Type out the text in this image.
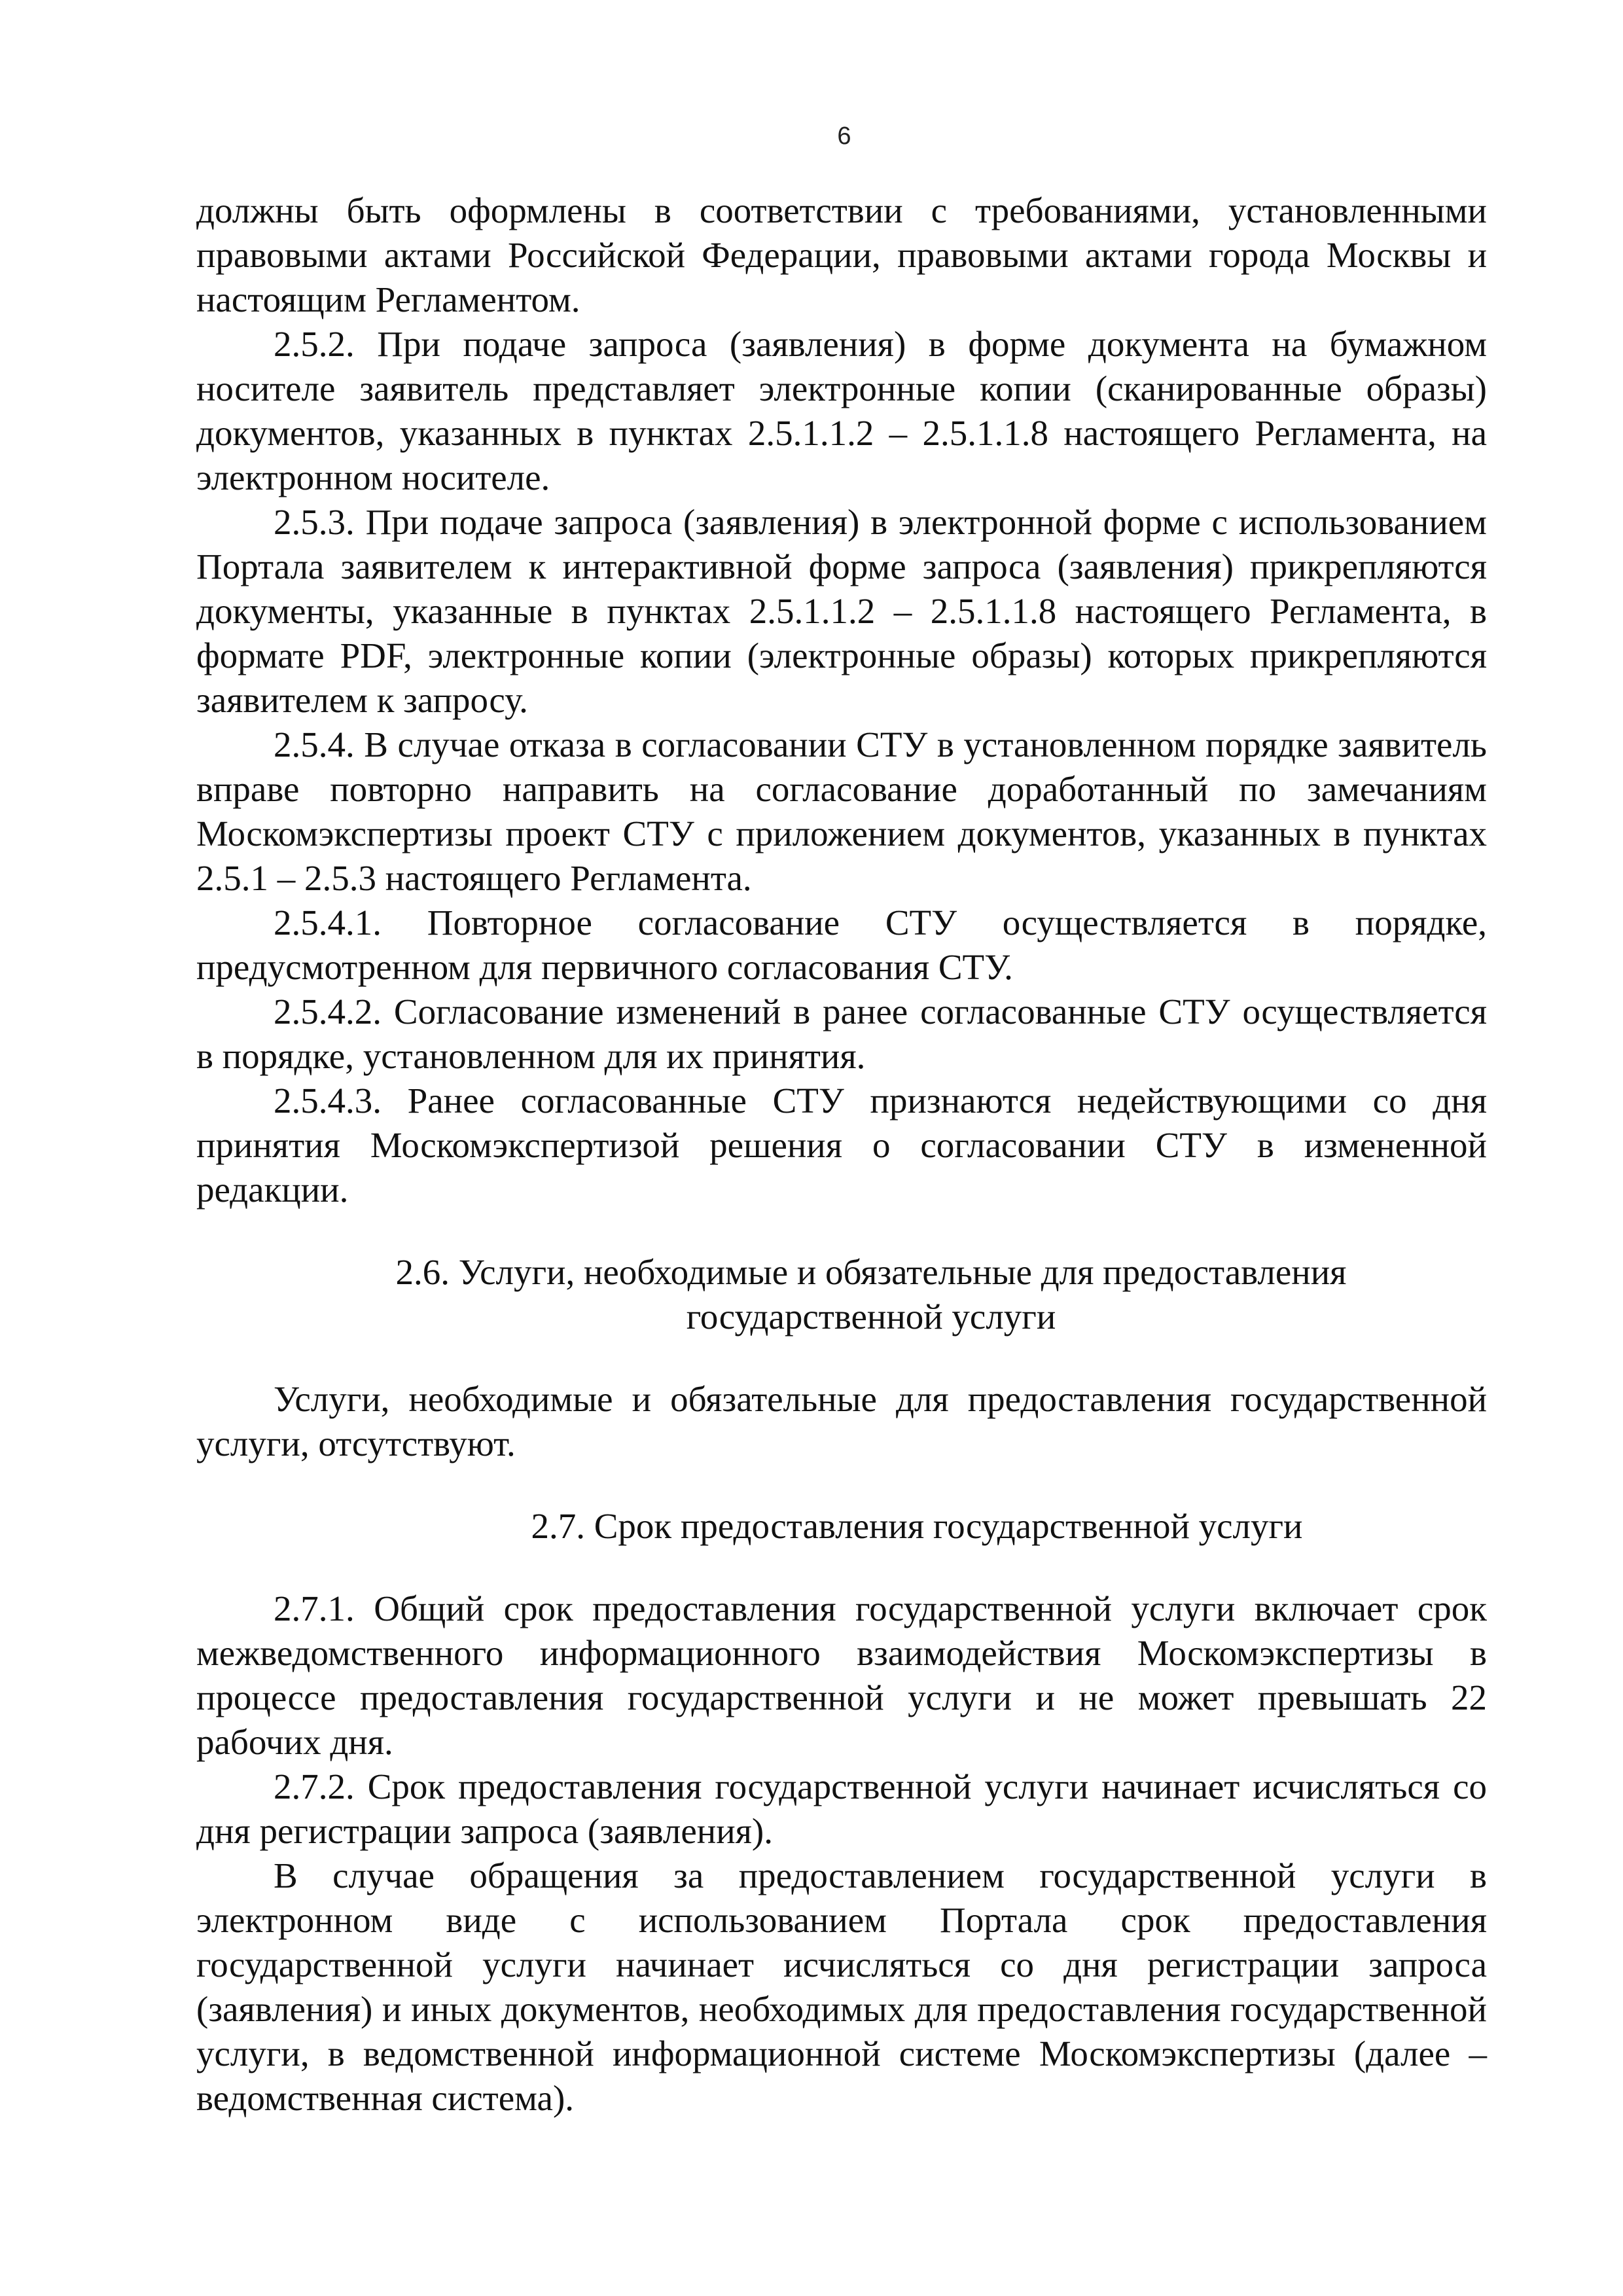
6

должны быть оформлены в соответствии с требованиями, установленными правовыми актами Российской Федерации, правовыми актами города Москвы и настоящим Регламентом.

2.5.2. При подаче запроса (заявления) в форме документа на бумажном носителе заявитель представляет электронные копии (сканированные образы) документов, указанных в пунктах 2.5.1.1.2 – 2.5.1.1.8 настоящего Регламента, на электронном носителе.

2.5.3. При подаче запроса (заявления) в электронной форме с использованием Портала заявителем к интерактивной форме запроса (заявления) прикрепляются документы, указанные в пунктах 2.5.1.1.2 – 2.5.1.1.8 настоящего Регламента, в формате PDF, электронные копии (электронные образы) которых прикрепляются заявителем к запросу.

2.5.4. В случае отказа в согласовании СТУ в установленном порядке заявитель вправе повторно направить на согласование доработанный по замечаниям Москомэкспертизы проект СТУ с приложением документов, указанных в пунктах 2.5.1 – 2.5.3 настоящего Регламента.

2.5.4.1. Повторное согласование СТУ осуществляется в порядке, предусмотренном для первичного согласования СТУ.

2.5.4.2. Согласование изменений в ранее согласованные СТУ осуществляется в порядке, установленном для их принятия.

2.5.4.3. Ранее согласованные СТУ признаются недействующими со дня принятия Москомэкспертизой решения о согласовании СТУ в измененной редакции.

2.6. Услуги, необходимые и обязательные для предоставления

государственной услуги

Услуги, необходимые и обязательные для предоставления государственной услуги, отсутствуют.

2.7. Срок предоставления государственной услуги

2.7.1. Общий срок предоставления государственной услуги включает срок межведомственного информационного взаимодействия Москомэкспертизы в процессе предоставления государственной услуги и не может превышать 22 рабочих дня.

2.7.2. Срок предоставления государственной услуги начинает исчисляться со дня регистрации запроса (заявления).

В случае обращения за предоставлением государственной услуги в электронном виде с использованием Портала срок предоставления государственной услуги начинает исчисляться со дня регистрации запроса (заявления) и иных документов, необходимых для предоставления государственной услуги, в ведомственной информационной системе Москомэкспертизы (далее – ведомственная система).
